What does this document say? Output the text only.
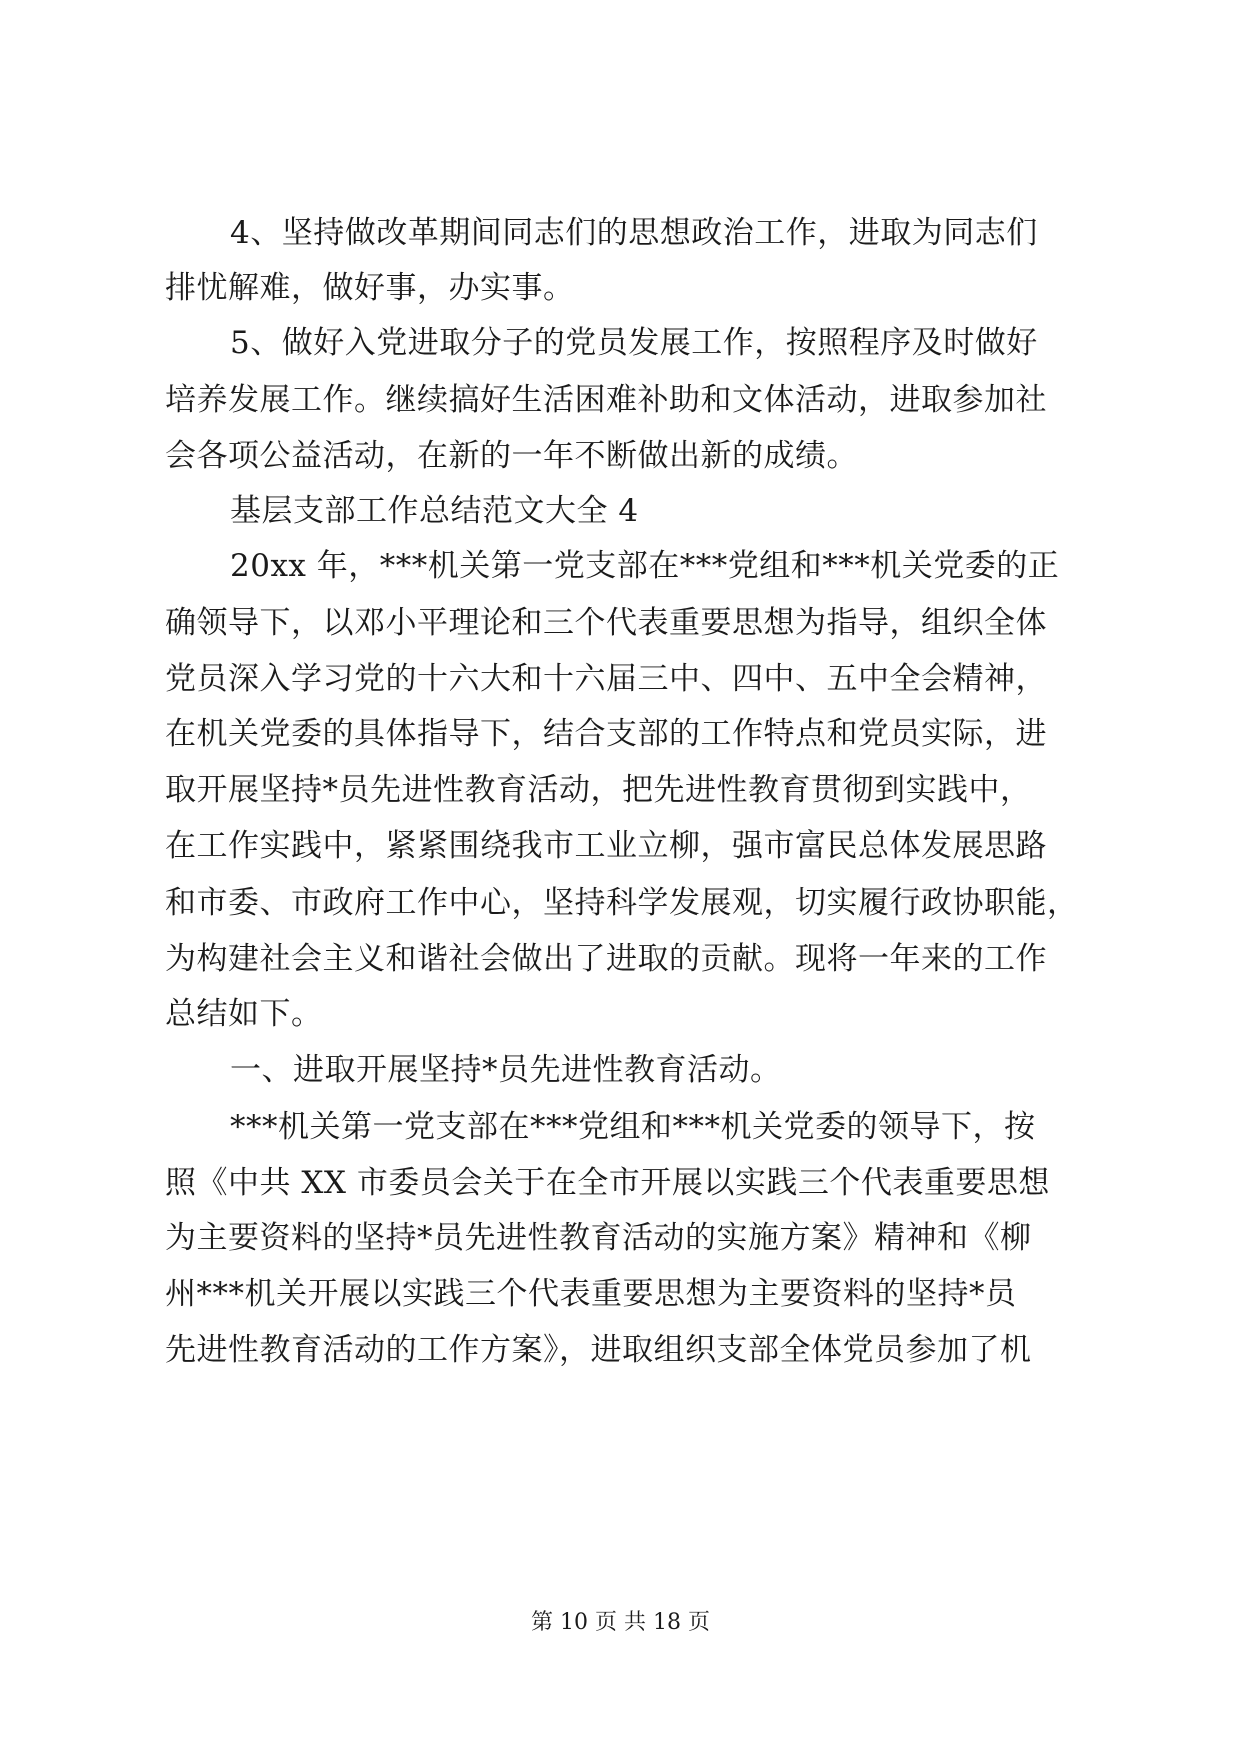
4、坚持做改革期间同志们的思想政治工作，进取为同志们
排忧解难，做好事，办实事。
5、做好入党进取分子的党员发展工作，按照程序及时做好
培养发展工作。继续搞好生活困难补助和文体活动，进取参加社
会各项公益活动，在新的一年不断做出新的成绩。
基层支部工作总结范文大全 4
20xx 年，***机关第一党支部在***党组和***机关党委的正
确领导下，以邓小平理论和三个代表重要思想为指导，组织全体
党员深入学习党的十六大和十六届三中、四中、五中全会精神，
在机关党委的具体指导下，结合支部的工作特点和党员实际，进
取开展坚持*员先进性教育活动，把先进性教育贯彻到实践中，
在工作实践中，紧紧围绕我市工业立柳，强市富民总体发展思路
和市委、市政府工作中心，坚持科学发展观，切实履行政协职能，
为构建社会主义和谐社会做出了进取的贡献。现将一年来的工作
总结如下。
一、进取开展坚持*员先进性教育活动。
***机关第一党支部在***党组和***机关党委的领导下，按
照《中共 XX 市委员会关于在全市开展以实践三个代表重要思想
为主要资料的坚持*员先进性教育活动的实施方案》精神和《柳
州***机关开展以实践三个代表重要思想为主要资料的坚持*员
先进性教育活动的工作方案》，进取组织支部全体党员参加了机
第 10 页 共 18 页
